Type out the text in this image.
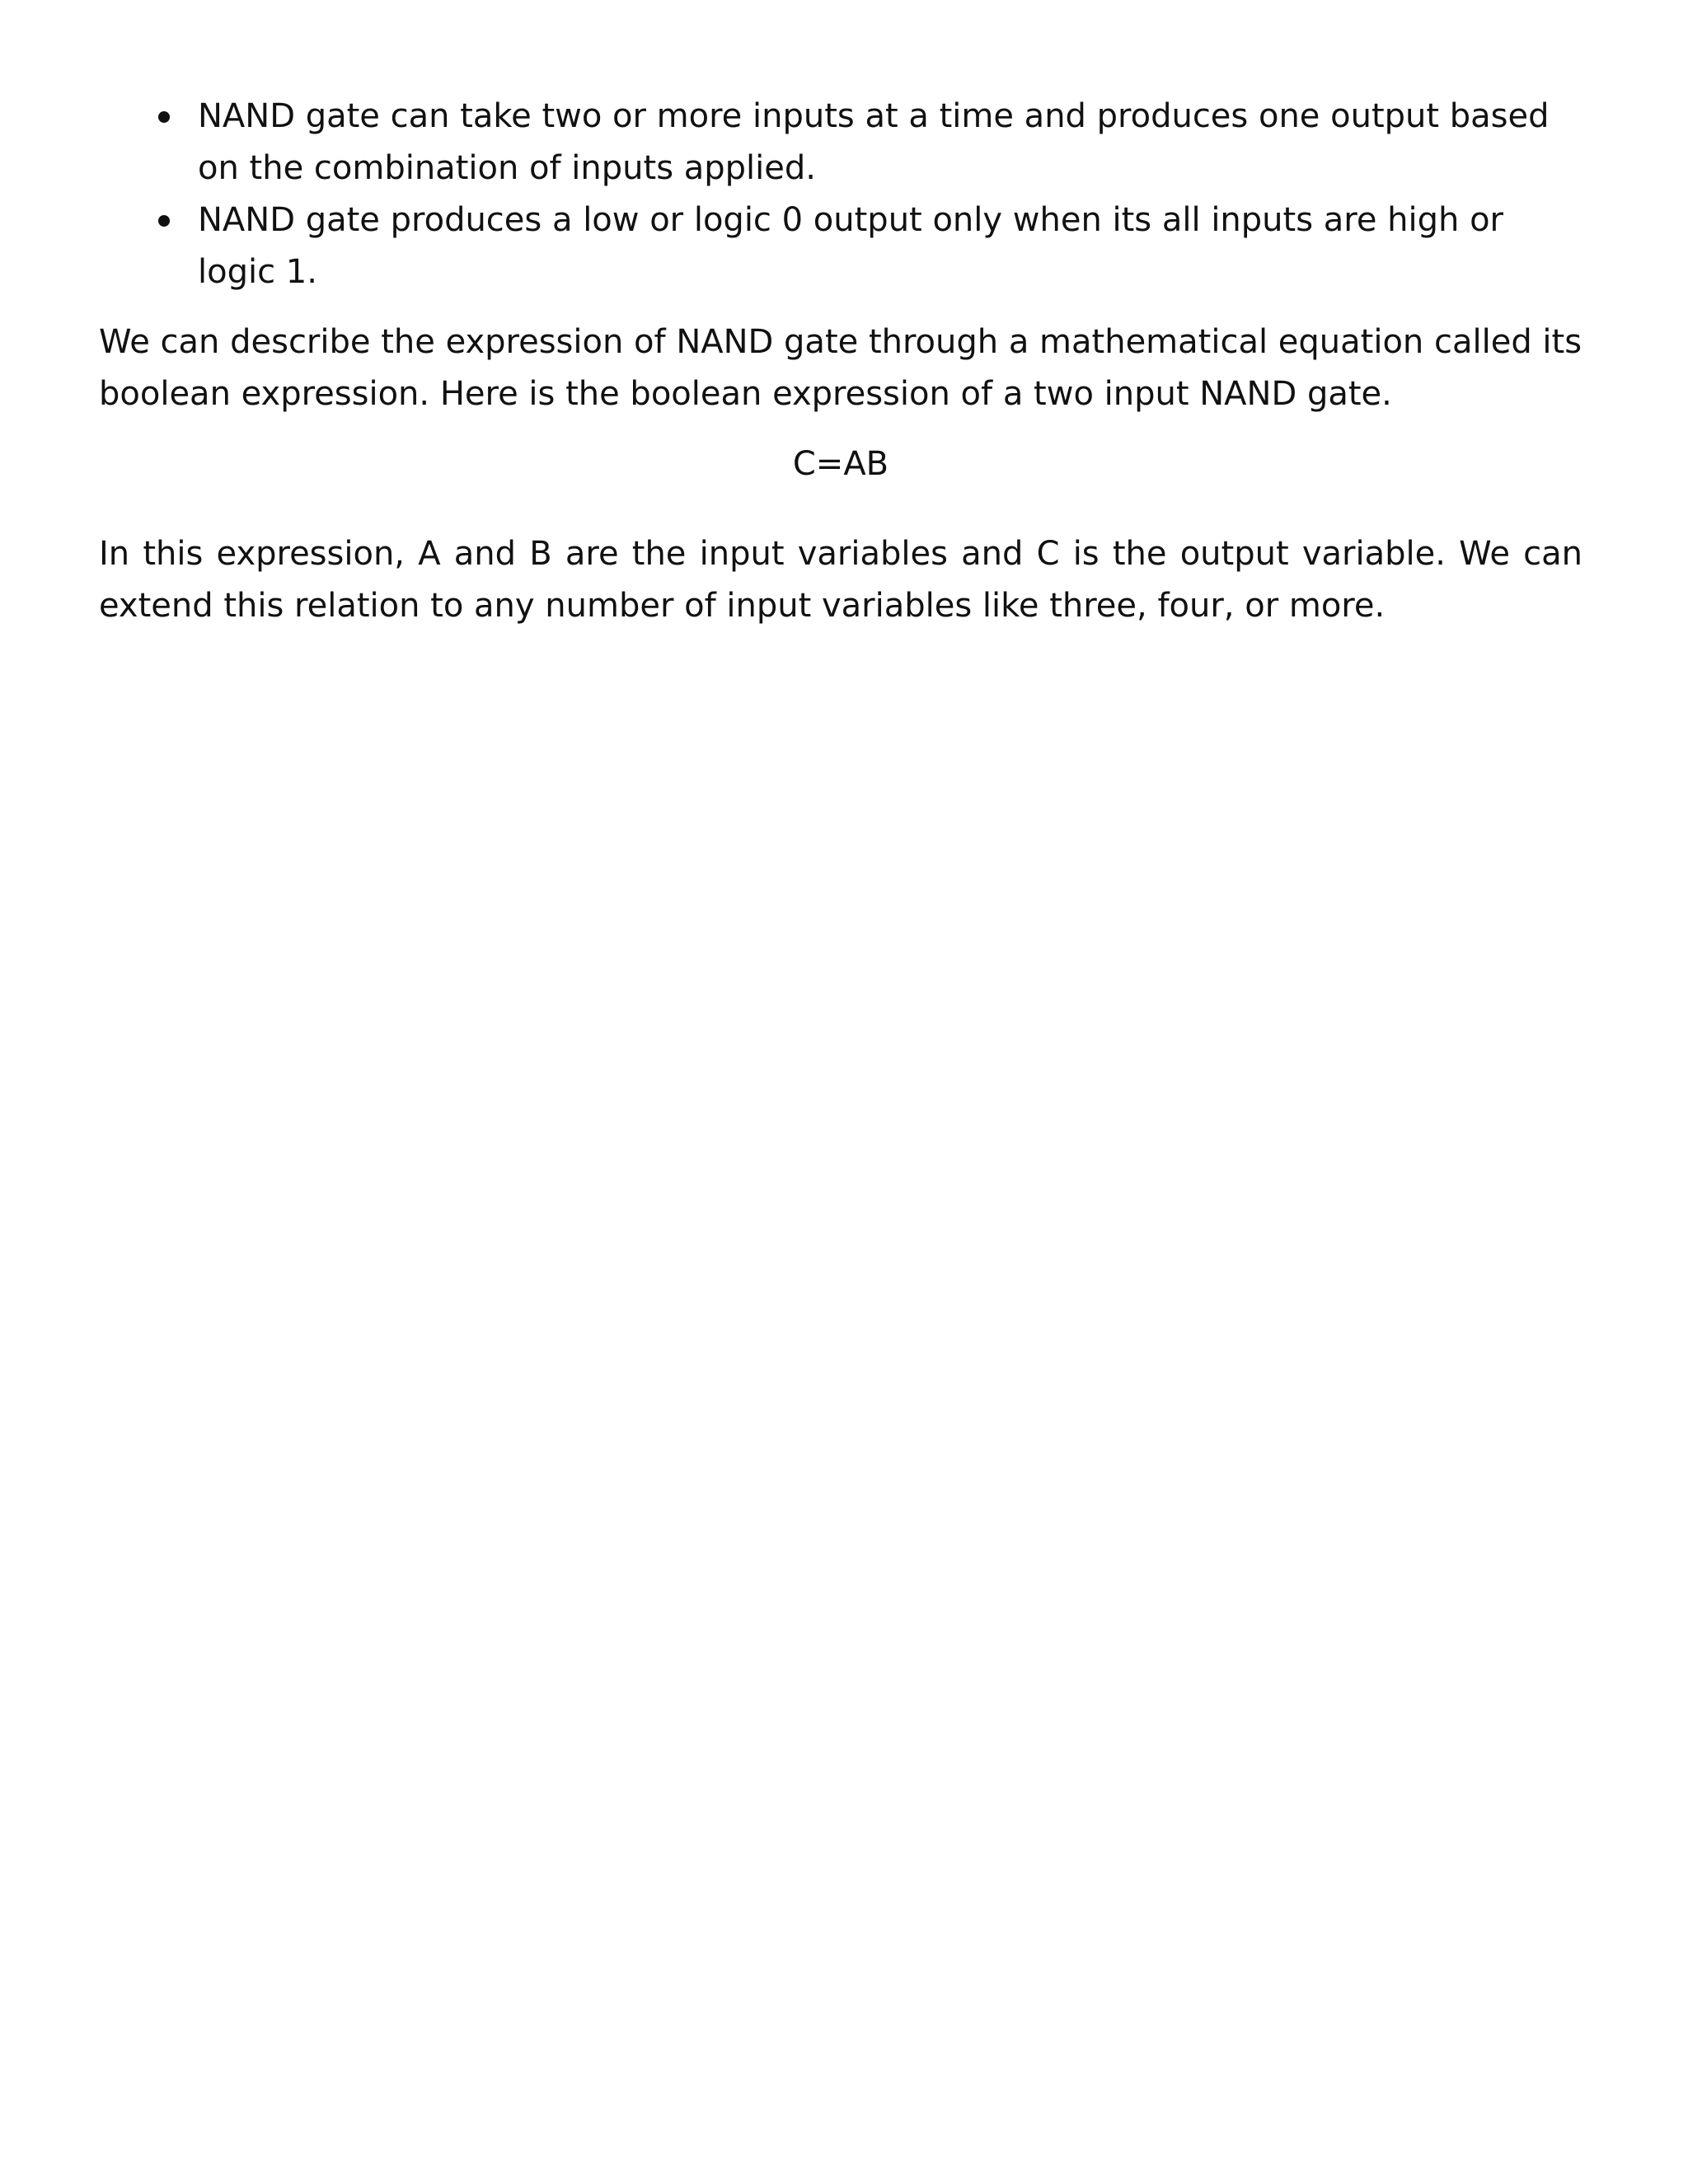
NAND gate can take two or more inputs at a time and produces one output based on the combination of inputs applied.
NAND gate produces a low or logic 0 output only when its all inputs are high or logic 1.

We can describe the expression of NAND gate through a mathematical equation called its boolean expression. Here is the boolean expression of a two input NAND gate.

C=AB

In this expression, A and B are the input variables and C is the output variable. We can extend this relation to any number of input variables like three, four, or more.
